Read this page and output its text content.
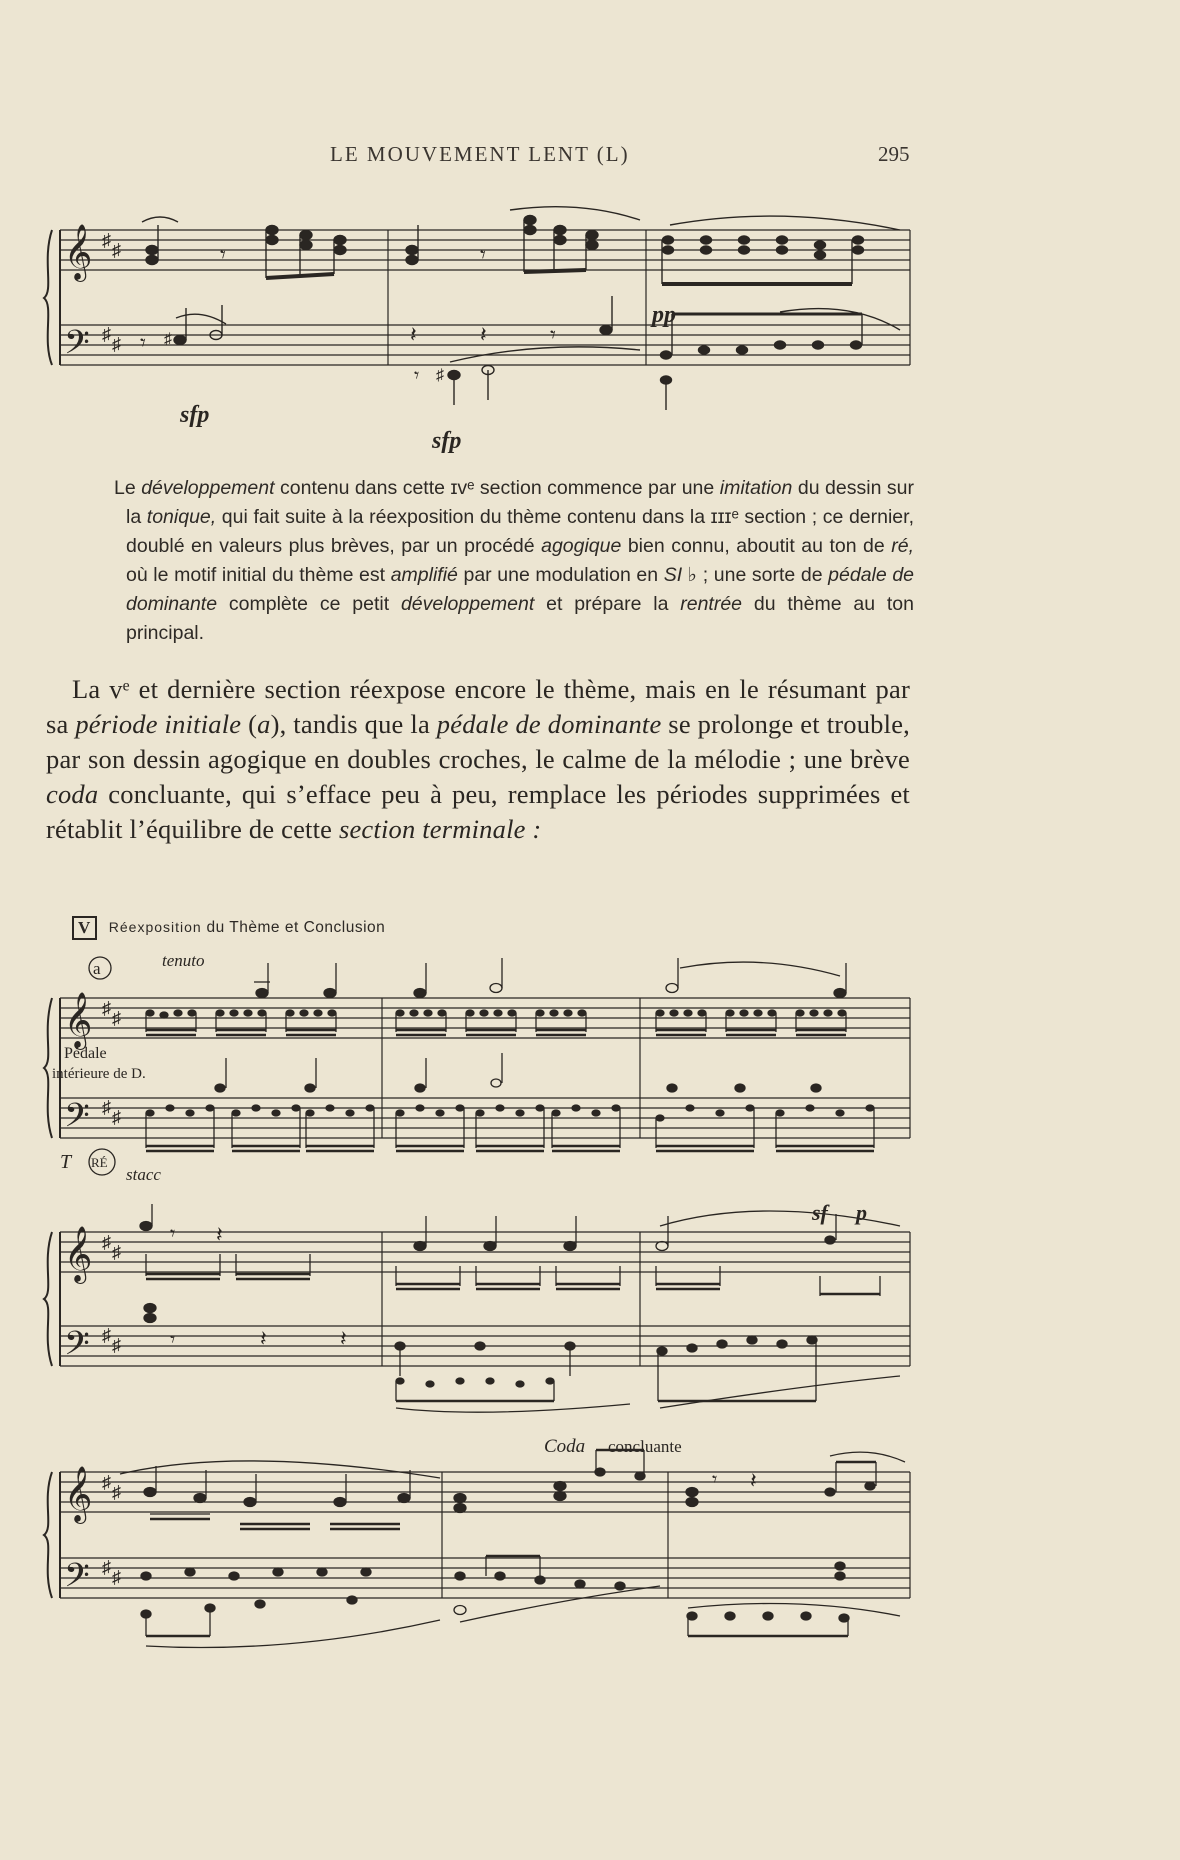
LE MOUVEMENT LENT (L)	295
𝄞
𝄢
♯ ♯
♯ ♯
𝄾	𝄾
𝄾 ♯	𝄽	𝄽	𝄾
𝄾 ♯
sfp
sfp
pp

Le développement contenu dans cette ɪvᵉ section commence par une imitation du dessin sur la tonique, qui fait suite à la réexposition du thème contenu dans la ɪɪɪᵉ section ; ce dernier, doublé en valeurs plus brèves, par un procédé agogique bien connu, aboutit au ton de ré, où le motif initial du thème est amplifié par une modulation en SI ♭ ; une sorte de pédale de dominante complète ce petit développement et prépare la rentrée du thème au ton principal.

La vᵉ et dernière section réexpose encore le thème, mais en le résumant par sa période initiale (a), tandis que la pédale de dominante se prolonge et trouble, par son dessin agogique en doubles croches, le calme de la mélodie ; une brève coda concluante, qui s’efface peu à peu, remplace les périodes supprimées et rétablit l’équilibre de cette section terminale :

V	Réexposition du Thème et Conclusion
𝄞
𝄢
♯ ♯
♯ ♯
a	tenuto
Pédale
intérieure de D.
T RÉ
stacc
𝄞
𝄢
♯ ♯
♯ ♯
𝄾 𝄽
𝄾	𝄽	𝄽
sf p
𝄞
𝄢
♯ ♯
♯ ♯
𝄾 𝄽
Coda concluante
